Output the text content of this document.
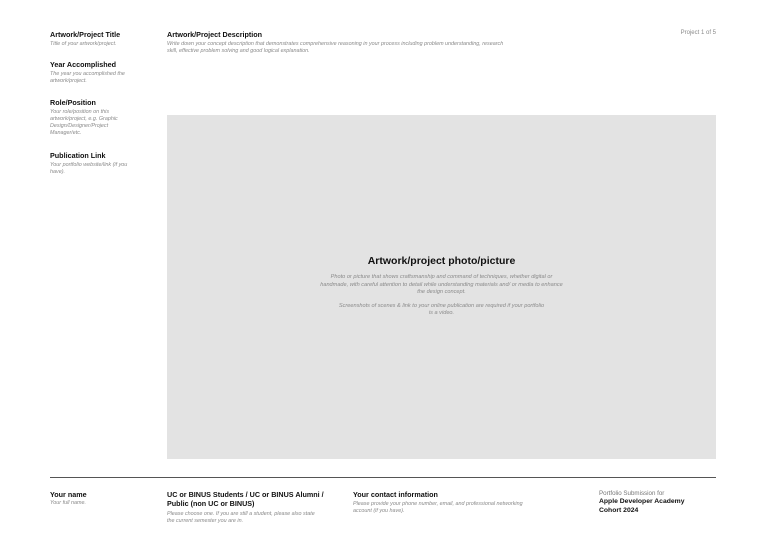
Artwork/Project Title
Title of your artwork/project.
Year Accomplished
The year you accomplished the artwork/project.
Role/Position
Your role/position on this artwork/project, e.g. Graphic Design/Designer/Project Manager/etc.
Publication Link
Your portfolio website/link (if you have).
Artwork/Project Description
Write down your concept description that demonstrates comprehensive reasoning in your process including problem understanding, research skill, effective problem solving and good logical explanation.
Project 1 of 5
Artwork/project photo/picture
Photo or picture that shows craftsmanship and command of techniques, whether digital or handmade, with careful attention to detail while understanding materials and/ or media to enhance the design concept.
Screenshots of scenes & link to your online publication are required if your portfolio is a video.
Your name
Your full name.
UC or BINUS Students / UC or BINUS Alumni / Public (non UC or BINUS)
Please choose one. If you are still a student, please also state the current semester you are in.
Your contact information
Please provide your phone number, email, and professional networking account (if you have).
Portfolio Submission for
Apple Developer Academy
Cohort 2024
